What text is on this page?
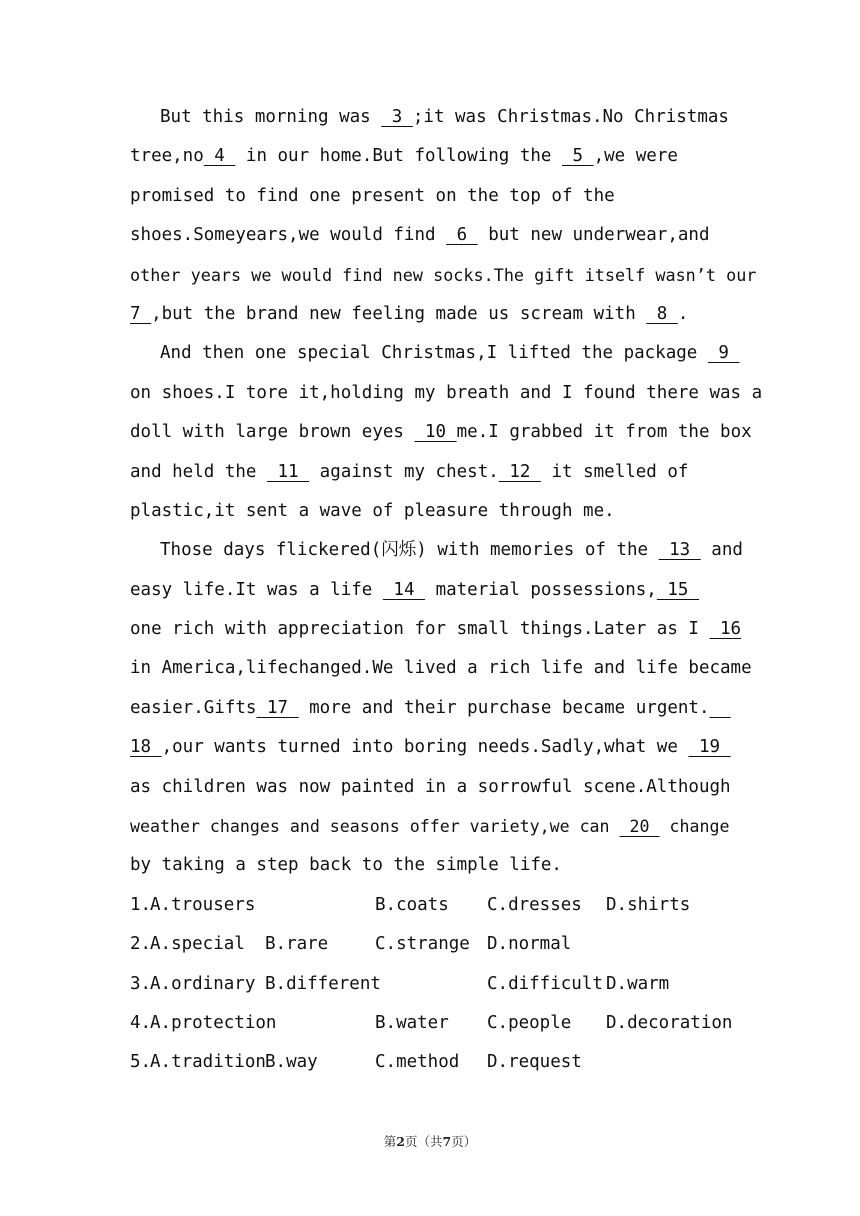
But this morning was  3 ;it was Christmas.No Christmas
tree,no 4  in our home.But following the  5 ,we were
promised to find one present on the top of the
shoes.Someyears,we would find  6  but new underwear,and
other years we would find new socks.The gift itself wasn’t our
7 ,but the brand new feeling made us scream with  8 .
And then one special Christmas,I lifted the package  9
on shoes.I tore it,holding my breath and I found there was a
doll with large brown eyes  10 me.I grabbed it from the box
and held the  11  against my chest. 12  it smelled of
plastic,it sent a wave of pleasure through me.
Those days flickered(闪烁) with memories of the  13  and
easy life.It was a life  14  material possessions, 15
one rich with appreciation for small things.Later as I  16
in America,lifechanged.We lived a rich life and life became
easier.Gifts 17  more and their purchase became urgent.
18 ,our wants turned into boring needs.Sadly,what we  19
as children was now painted in a sorrowful scene.Although
weather changes and seasons offer variety,we can  20  change
by taking a step back to the simple life.
1.
A.trousers	B.coats C.dresses D.shirts
2.
A.special B.rare	C.strange D.normal
3.
A.ordinary B.different	C.difficult D.warm
4.
A.protection	B.water C.people D.decoration
5.
A.tradition B.way	C.method D.request
第2页（共7页）
